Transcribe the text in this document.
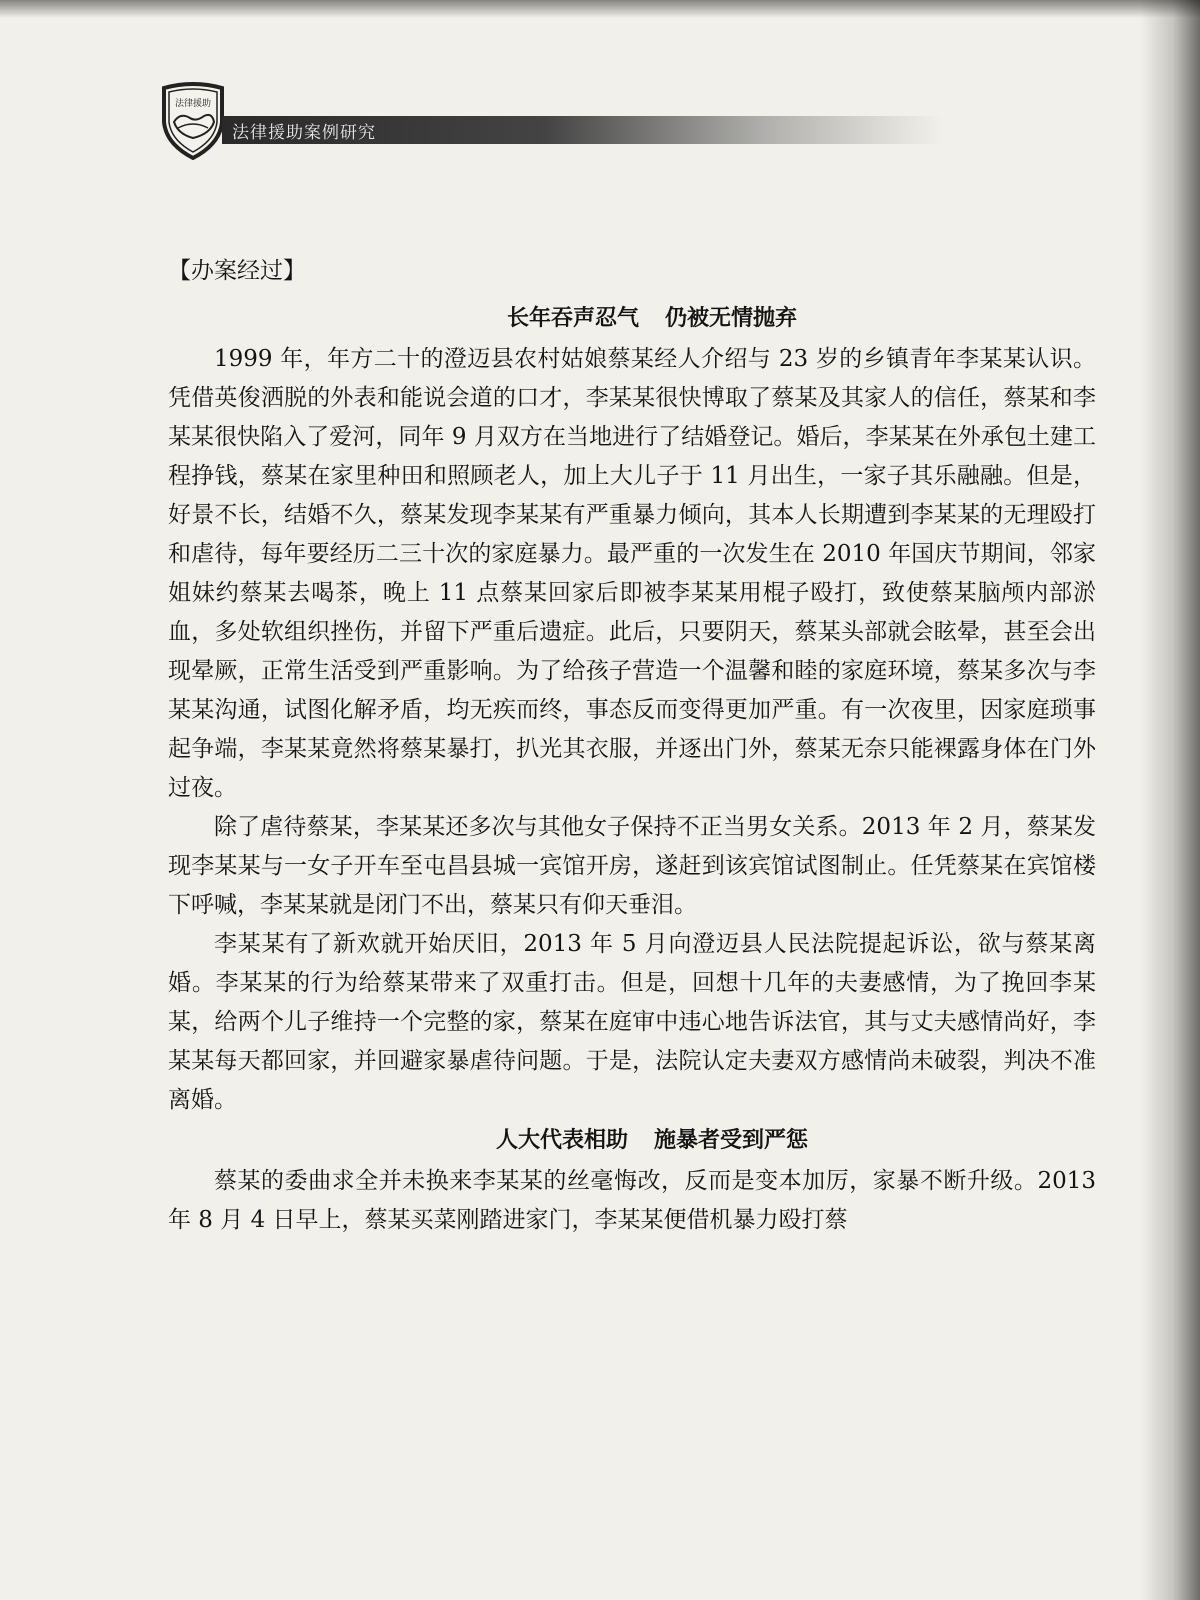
法律援助
法律援助案例研究
【办案经过】
长年吞声忍气 仍被无情抛弃

1999 年，年方二十的澄迈县农村姑娘蔡某经人介绍与 23 岁的乡镇青年李某某认识。凭借英俊洒脱的外表和能说会道的口才，李某某很快博取了蔡某及其家人的信任，蔡某和李某某很快陷入了爱河，同年 9 月双方在当地进行了结婚登记。婚后，李某某在外承包土建工程挣钱，蔡某在家里种田和照顾老人，加上大儿子于 11 月出生，一家子其乐融融。但是，好景不长，结婚不久，蔡某发现李某某有严重暴力倾向，其本人长期遭到李某某的无理殴打和虐待，每年要经历二三十次的家庭暴力。最严重的一次发生在 2010 年国庆节期间，邻家姐妹约蔡某去喝茶，晚上 11 点蔡某回家后即被李某某用棍子殴打，致使蔡某脑颅内部淤血，多处软组织挫伤，并留下严重后遗症。此后，只要阴天，蔡某头部就会眩晕，甚至会出现晕厥，正常生活受到严重影响。为了给孩子营造一个温馨和睦的家庭环境，蔡某多次与李某某沟通，试图化解矛盾，均无疾而终，事态反而变得更加严重。有一次夜里，因家庭琐事起争端，李某某竟然将蔡某暴打，扒光其衣服，并逐出门外，蔡某无奈只能裸露身体在门外过夜。

除了虐待蔡某，李某某还多次与其他女子保持不正当男女关系。2013 年 2 月，蔡某发现李某某与一女子开车至屯昌县城一宾馆开房，遂赶到该宾馆试图制止。任凭蔡某在宾馆楼下呼喊，李某某就是闭门不出，蔡某只有仰天垂泪。

李某某有了新欢就开始厌旧，2013 年 5 月向澄迈县人民法院提起诉讼，欲与蔡某离婚。李某某的行为给蔡某带来了双重打击。但是，回想十几年的夫妻感情，为了挽回李某某，给两个儿子维持一个完整的家，蔡某在庭审中违心地告诉法官，其与丈夫感情尚好，李某某每天都回家，并回避家暴虐待问题。于是，法院认定夫妻双方感情尚未破裂，判决不准离婚。

人大代表相助 施暴者受到严惩

蔡某的委曲求全并未换来李某某的丝毫悔改，反而是变本加厉，家暴不断升级。2013 年 8 月 4 日早上，蔡某买菜刚踏进家门，李某某便借机暴力殴打蔡
